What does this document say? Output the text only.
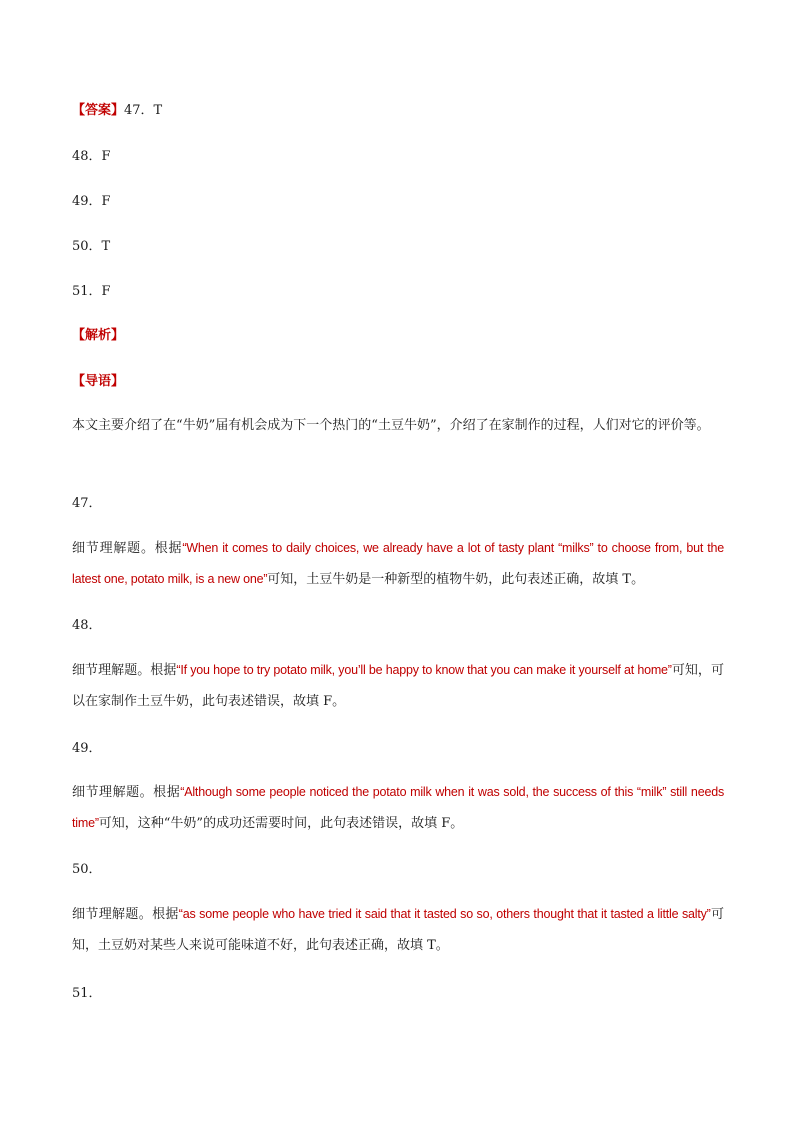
【答案】47．T
48．F
49．F
50．T
51．F
【解析】
【导语】
本文主要介绍了在“牛奶”届有机会成为下一个热门的“土豆牛奶”，介绍了在家制作的过程，人们对它的评价等。
47．
细节理解题。根据“When it comes to daily choices, we already have a lot of tasty plant “milks” to choose from, but the latest one, potato milk, is a new one”可知，土豆牛奶是一种新型的植物牛奶，此句表述正确，故填 T。
48．
细节理解题。根据“If you hope to try potato milk, you’ll be happy to know that you can make it yourself at home”可知，可以在家制作土豆牛奶，此句表述错误，故填 F。
49．
细节理解题。根据“Although some people noticed the potato milk when it was sold, the success of this “milk” still needs time”可知，这种“牛奶”的成功还需要时间，此句表述错误，故填 F。
50．
细节理解题。根据“as some people who have tried it said that it tasted so so, others thought that it tasted a little salty”可知，土豆奶对某些人来说可能味道不好，此句表述正确，故填 T。
51．
